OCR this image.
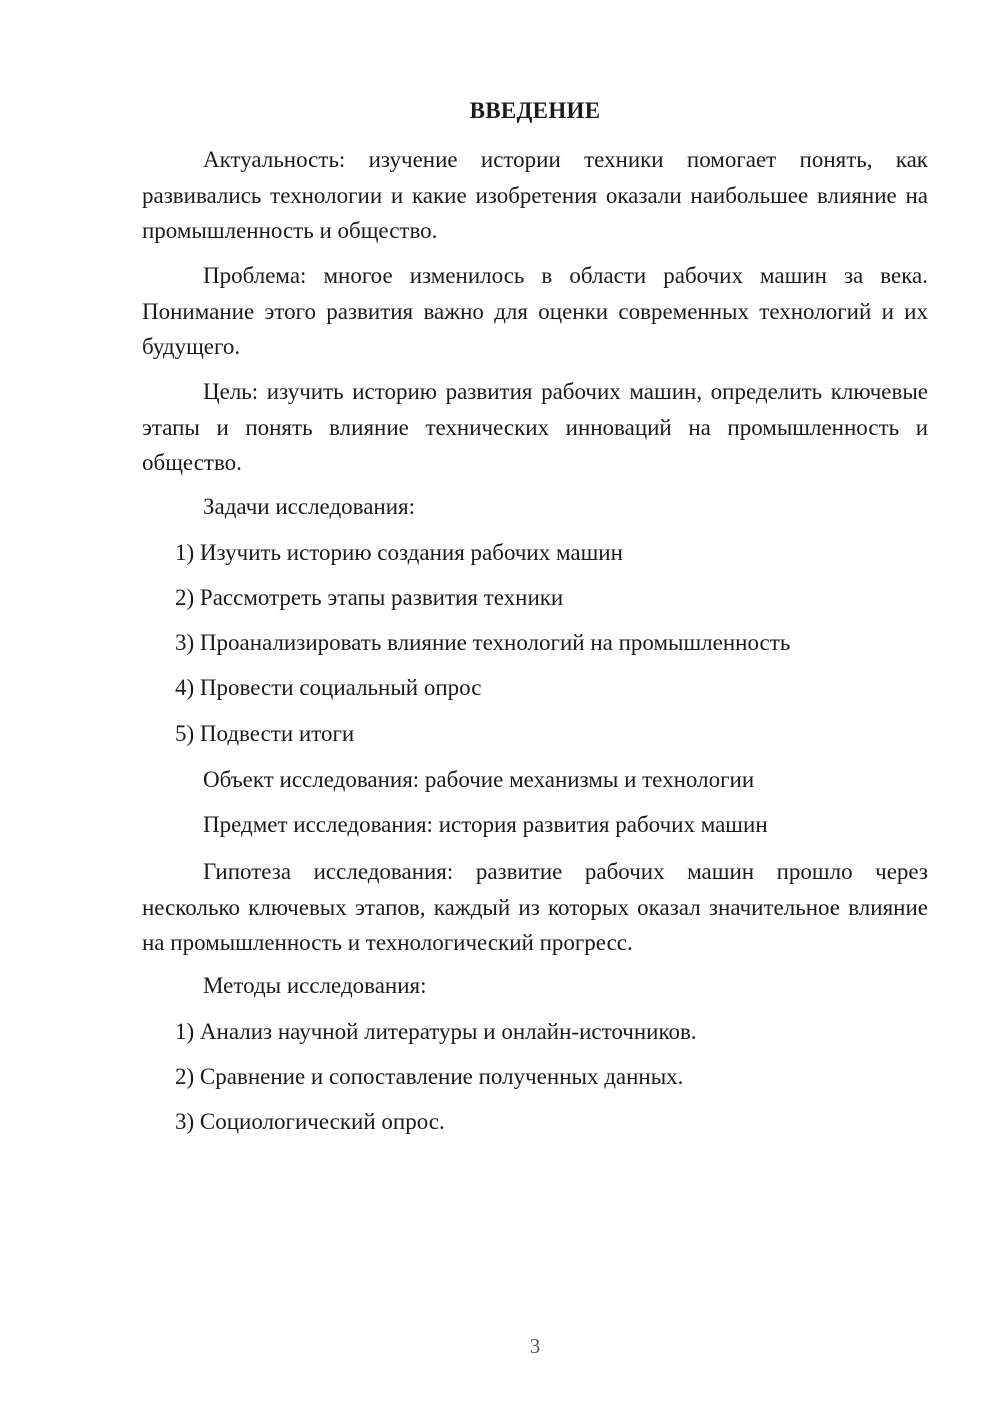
ВВЕДЕНИЕ

Актуальность: изучение истории техники помогает понять, как развивались технологии и какие изобретения оказали наибольшее влияние на промышленность и общество.

Проблема: многое изменилось в области рабочих машин за века. Понимание этого развития важно для оценки современных технологий и их будущего.

Цель: изучить историю развития рабочих машин, определить ключевые этапы и понять влияние технических инноваций на промышленность и общество.

Задачи исследования:

1) Изучить историю создания рабочих машин

2) Рассмотреть этапы развития техники

3) Проанализировать влияние технологий на промышленность

4) Провести социальный опрос

5) Подвести итоги

Объект исследования: рабочие механизмы и технологии

Предмет исследования: история развития рабочих машин

Гипотеза исследования: развитие рабочих машин прошло через несколько ключевых этапов, каждый из которых оказал значительное влияние на промышленность и технологический прогресс.

Методы исследования:

1) Анализ научной литературы и онлайн-источников.

2) Сравнение и сопоставление полученных данных.

3) Социологический опрос.

3
